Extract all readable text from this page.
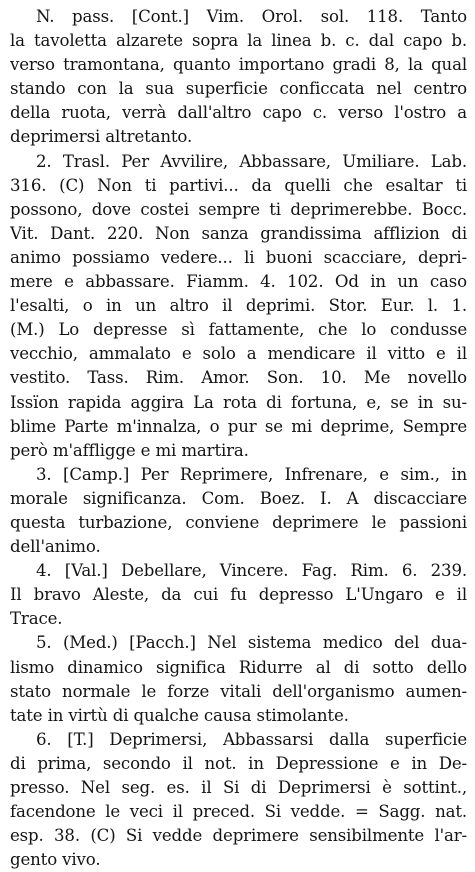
N. pass. [Cont.] Vim. Orol. sol. 118. Tanto
la tavoletta alzarete sopra la linea b. c. dal capo b.
verso tramontana, quanto importano gradi 8, la qual
stando con la sua superficie conficcata nel centro
della ruota, verrà dall'altro capo c. verso l'ostro a
deprimersi altretanto.
2. Trasl. Per Avvilire, Abbassare, Umiliare. Lab.
316. (C) Non ti partivi... da quelli che esaltar ti
possono, dove costei sempre ti deprimerebbe. Bocc.
Vit. Dant. 220. Non sanza grandissima afflizion di
animo possiamo vedere... li buoni scacciare, depri-
mere e abbassare. Fiamm. 4. 102. Od in un caso
l'esalti, o in un altro il deprimi. Stor. Eur. l. 1.
(M.) Lo depresse sì fattamente, che lo condusse
vecchio, ammalato e solo a mendicare il vitto e il
vestito. Tass. Rim. Amor. Son. 10. Me novello
Issïon rapida aggira La rota di fortuna, e, se in su-
blime Parte m'innalza, o pur se mi deprime, Sempre
però m'affligge e mi martira.
3. [Camp.] Per Reprimere, Infrenare, e sim., in
morale significanza. Com. Boez. I. A discacciare
questa turbazione, conviene deprimere le passioni
dell'animo.
4. [Val.] Debellare, Vincere. Fag. Rim. 6. 239.
Il bravo Aleste, da cui fu depresso L'Ungaro e il
Trace.
5. (Med.) [Pacch.] Nel sistema medico del dua-
lismo dinamico significa Ridurre al di sotto dello
stato normale le forze vitali dell'organismo aumen-
tate in virtù di qualche causa stimolante.
6. [T.] Deprimersi, Abbassarsi dalla superficie
di prima, secondo il not. in Depressione e in De-
presso. Nel seg. es. il Si di Deprimersi è sottint.,
facendone le veci il preced. Si vedde. = Sagg. nat.
esp. 38. (C) Si vedde deprimere sensibilmente l'ar-
gento vivo.
